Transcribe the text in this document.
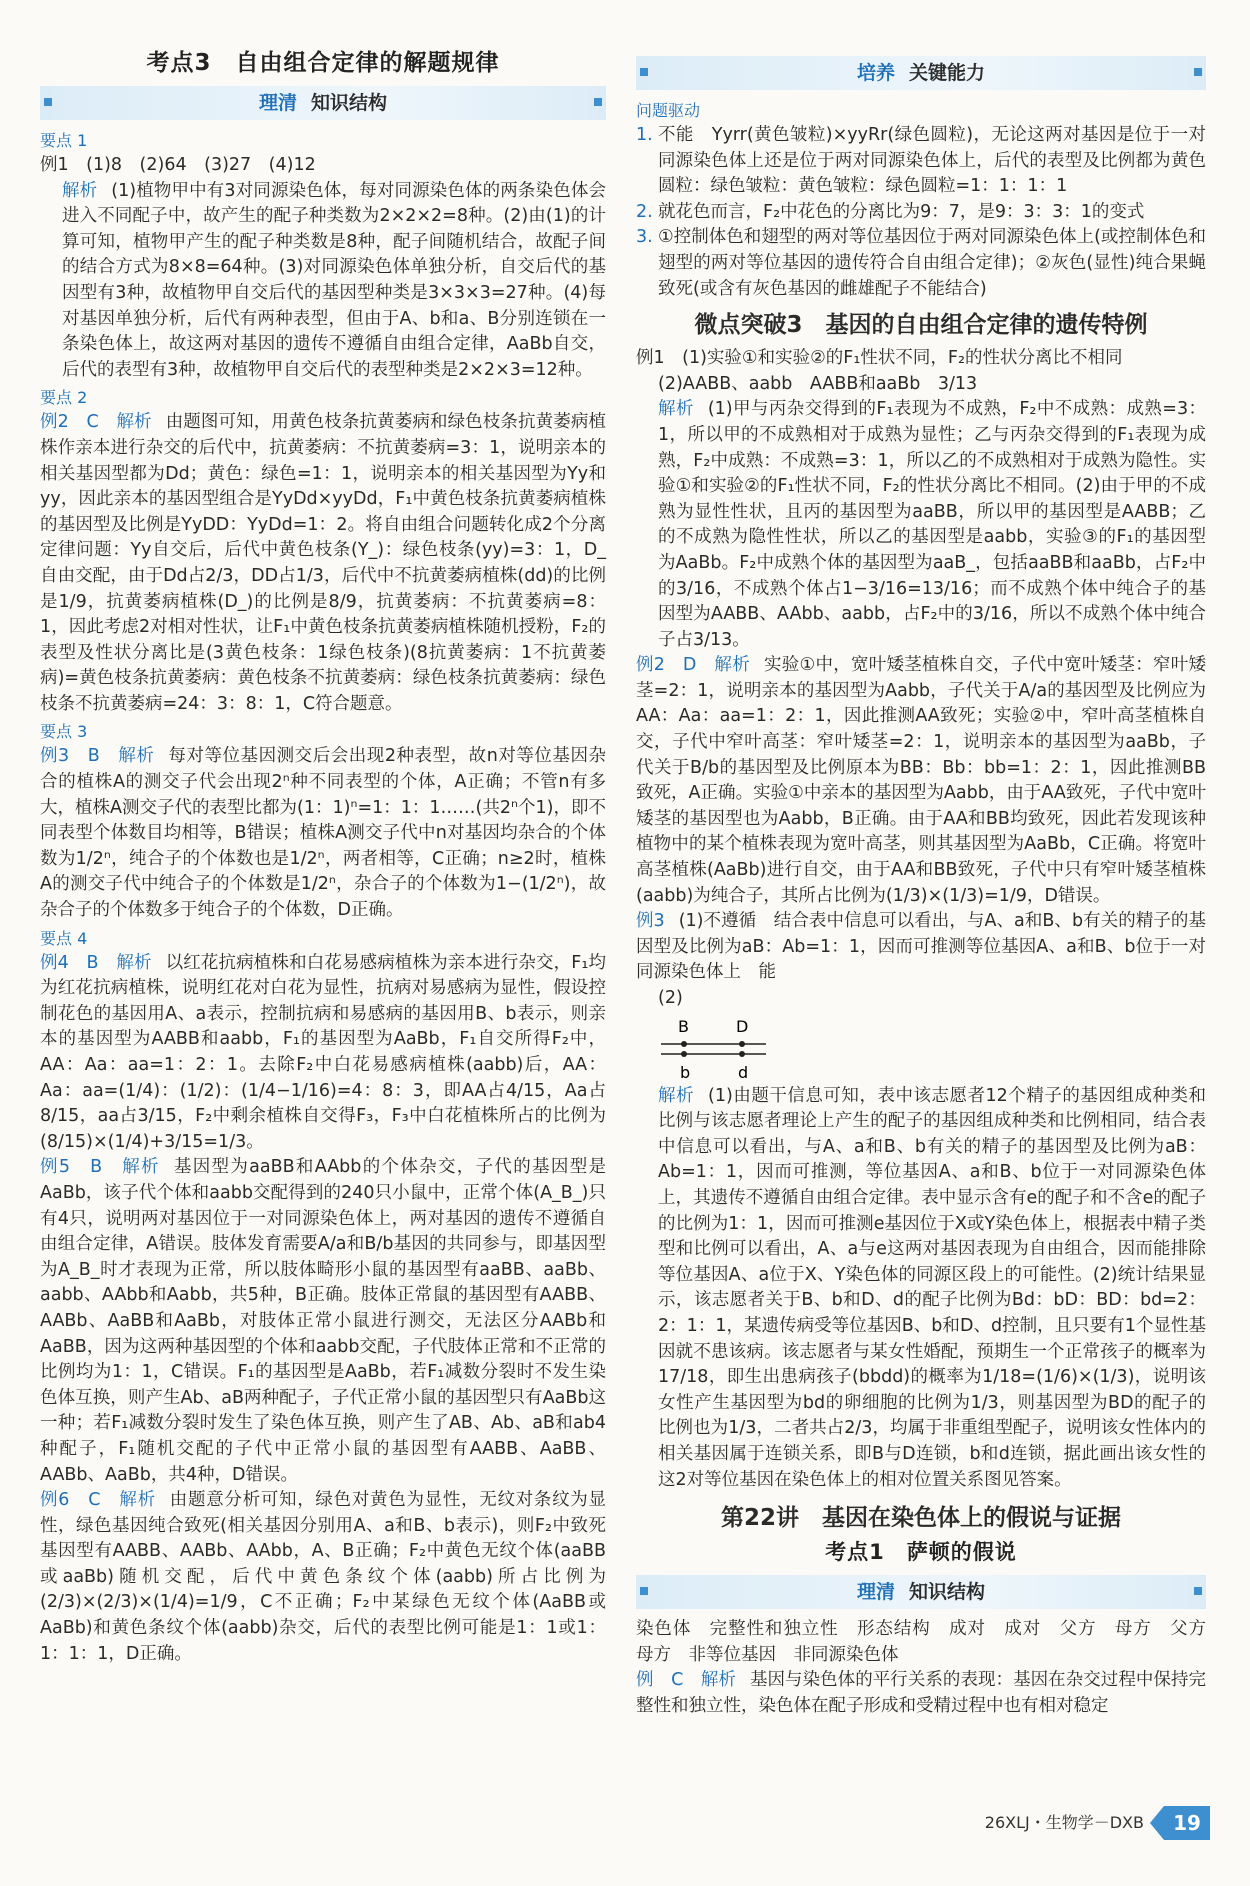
考点3　自由组合定律的解题规律
理清 知识结构
要点 1

例1　(1)8　(2)64　(3)27　(4)12

解析 (1)植物甲中有3对同源染色体，每对同源染色体的两条染色体会进入不同配子中，故产生的配子种类数为2×2×2=8种。(2)由(1)的计算可知，植物甲产生的配子种类数是8种，配子间随机结合，故配子间的结合方式为8×8=64种。(3)对同源染色体单独分析，自交后代的基因型有3种，故植物甲自交后代的基因型种类是3×3×3=27种。(4)每对基因单独分析，后代有两种表型，但由于A、b和a、B分别连锁在一条染色体上，故这两对基因的遗传不遵循自由组合定律，AaBb自交，后代的表型有3种，故植物甲自交后代的表型种类是2×2×3=12种。

要点 2

例2　C　解析 由题图可知，用黄色枝条抗黄萎病和绿色枝条抗黄萎病植株作亲本进行杂交的后代中，抗黄萎病：不抗黄萎病=3：1，说明亲本的相关基因型都为Dd；黄色：绿色=1：1，说明亲本的相关基因型为Yy和yy，因此亲本的基因型组合是YyDd×yyDd，F₁中黄色枝条抗黄萎病植株的基因型及比例是YyDD：YyDd=1：2。将自由组合问题转化成2个分离定律问题：Yy自交后，后代中黄色枝条(Y_)：绿色枝条(yy)=3：1，D_自由交配，由于Dd占2/3，DD占1/3，后代中不抗黄萎病植株(dd)的比例是1/9，抗黄萎病植株(D_)的比例是8/9，抗黄萎病：不抗黄萎病=8：1，因此考虑2对相对性状，让F₁中黄色枝条抗黄萎病植株随机授粉，F₂的表型及性状分离比是(3黄色枝条：1绿色枝条)(8抗黄萎病：1不抗黄萎病)=黄色枝条抗黄萎病：黄色枝条不抗黄萎病：绿色枝条抗黄萎病：绿色枝条不抗黄萎病=24：3：8：1，C符合题意。

要点 3

例3　B　解析 每对等位基因测交后会出现2种表型，故n对等位基因杂合的植株A的测交子代会出现2ⁿ种不同表型的个体，A正确；不管n有多大，植株A测交子代的表型比都为(1：1)ⁿ=1：1：1……(共2ⁿ个1)，即不同表型个体数目均相等，B错误；植株A测交子代中n对基因均杂合的个体数为1/2ⁿ，纯合子的个体数也是1/2ⁿ，两者相等，C正确；n≥2时，植株A的测交子代中纯合子的个体数是1/2ⁿ，杂合子的个体数为1−(1/2ⁿ)，故杂合子的个体数多于纯合子的个体数，D正确。

要点 4

例4　B　解析 以红花抗病植株和白花易感病植株为亲本进行杂交，F₁均为红花抗病植株，说明红花对白花为显性，抗病对易感病为显性，假设控制花色的基因用A、a表示，控制抗病和易感病的基因用B、b表示，则亲本的基因型为AABB和aabb，F₁的基因型为AaBb，F₁自交所得F₂中，AA：Aa：aa=1：2：1。去除F₂中白花易感病植株(aabb)后，AA：Aa：aa=(1/4)：(1/2)：(1/4−1/16)=4：8：3，即AA占4/15，Aa占8/15，aa占3/15，F₂中剩余植株自交得F₃，F₃中白花植株所占的比例为(8/15)×(1/4)+3/15=1/3。

例5　B　解析 基因型为aaBB和AAbb的个体杂交，子代的基因型是AaBb，该子代个体和aabb交配得到的240只小鼠中，正常个体(A_B_)只有4只，说明两对基因位于一对同源染色体上，两对基因的遗传不遵循自由组合定律，A错误。肢体发育需要A/a和B/b基因的共同参与，即基因型为A_B_时才表现为正常，所以肢体畸形小鼠的基因型有aaBB、aaBb、aabb、AAbb和Aabb，共5种，B正确。肢体正常鼠的基因型有AABB、AABb、AaBB和AaBb，对肢体正常小鼠进行测交，无法区分AABb和AaBB，因为这两种基因型的个体和aabb交配，子代肢体正常和不正常的比例均为1：1，C错误。F₁的基因型是AaBb，若F₁减数分裂时不发生染色体互换，则产生Ab、aB两种配子，子代正常小鼠的基因型只有AaBb这一种；若F₁减数分裂时发生了染色体互换，则产生了AB、Ab、aB和ab4种配子，F₁随机交配的子代中正常小鼠的基因型有AABB、AaBB、AABb、AaBb，共4种，D错误。

例6　C　解析 由题意分析可知，绿色对黄色为显性，无纹对条纹为显性，绿色基因纯合致死(相关基因分别用A、a和B、b表示)，则F₂中致死基因型有AABB、AABb、AAbb，A、B正确；F₂中黄色无纹个体(aaBB或aaBb)随机交配，后代中黄色条纹个体(aabb)所占比例为(2/3)×(2/3)×(1/4)=1/9，C不正确；F₂中某绿色无纹个体(AaBB或AaBb)和黄色条纹个体(aabb)杂交，后代的表型比例可能是1：1或1：1：1：1，D正确。

培养 关键能力
问题驱动
1. 不能　Yyrr(黄色皱粒)×yyRr(绿色圆粒)，无论这两对基因是位于一对同源染色体上还是位于两对同源染色体上，后代的表型及比例都为黄色圆粒：绿色皱粒：黄色皱粒：绿色圆粒=1：1：1：1
2. 就花色而言，F₂中花色的分离比为9：7，是9：3：3：1的变式
3. ①控制体色和翅型的两对等位基因位于两对同源染色体上(或控制体色和翅型的两对等位基因的遗传符合自由组合定律)；②灰色(显性)纯合果蝇致死(或含有灰色基因的雌雄配子不能结合)
微点突破3　基因的自由组合定律的遗传特例

例1　(1)实验①和实验②的F₁性状不同，F₂的性状分离比不相同

(2)AABB、aabb　AABB和aaBb　3/13

解析 (1)甲与丙杂交得到的F₁表现为不成熟，F₂中不成熟：成熟=3：1，所以甲的不成熟相对于成熟为显性；乙与丙杂交得到的F₁表现为成熟，F₂中成熟：不成熟=3：1，所以乙的不成熟相对于成熟为隐性。实验①和实验②的F₁性状不同，F₂的性状分离比不相同。(2)由于甲的不成熟为显性性状，且丙的基因型为aaBB，所以甲的基因型是AABB；乙的不成熟为隐性性状，所以乙的基因型是aabb，实验③的F₁的基因型为AaBb。F₂中成熟个体的基因型为aaB_，包括aaBB和aaBb，占F₂中的3/16，不成熟个体占1−3/16=13/16；而不成熟个体中纯合子的基因型为AABB、AAbb、aabb，占F₂中的3/16，所以不成熟个体中纯合子占3/13。

例2　D　解析 实验①中，宽叶矮茎植株自交，子代中宽叶矮茎：窄叶矮茎=2：1，说明亲本的基因型为Aabb，子代关于A/a的基因型及比例应为AA：Aa：aa=1：2：1，因此推测AA致死；实验②中，窄叶高茎植株自交，子代中窄叶高茎：窄叶矮茎=2：1，说明亲本的基因型为aaBb，子代关于B/b的基因型及比例原本为BB：Bb：bb=1：2：1，因此推测BB致死，A正确。实验①中亲本的基因型为Aabb，由于AA致死，子代中宽叶矮茎的基因型也为Aabb，B正确。由于AA和BB均致死，因此若发现该种植物中的某个植株表现为宽叶高茎，则其基因型为AaBb，C正确。将宽叶高茎植株(AaBb)进行自交，由于AA和BB致死，子代中只有窄叶矮茎植株(aabb)为纯合子，其所占比例为(1/3)×(1/3)=1/9，D错误。

例3 (1)不遵循　结合表中信息可以看出，与A、a和B、b有关的精子的基因型及比例为aB：Ab=1：1，因而可推测等位基因A、a和B、b位于一对同源染色体上　能

(2)

B	D
b	d

解析 (1)由题干信息可知，表中该志愿者12个精子的基因组成种类和比例与该志愿者理论上产生的配子的基因组成种类和比例相同，结合表中信息可以看出，与A、a和B、b有关的精子的基因型及比例为aB：Ab=1：1，因而可推测，等位基因A、a和B、b位于一对同源染色体上，其遗传不遵循自由组合定律。表中显示含有e的配子和不含e的配子的比例为1：1，因而可推测e基因位于X或Y染色体上，根据表中精子类型和比例可以看出，A、a与e这两对基因表现为自由组合，因而能排除等位基因A、a位于X、Y染色体的同源区段上的可能性。(2)统计结果显示，该志愿者关于B、b和D、d的配子比例为Bd：bD：BD：bd=2：2：1：1，某遗传病受等位基因B、b和D、d控制，且只要有1个显性基因就不患该病。该志愿者与某女性婚配，预期生一个正常孩子的概率为17/18，即生出患病孩子(bbdd)的概率为1/18=(1/6)×(1/3)，说明该女性产生基因型为bd的卵细胞的比例为1/3，则基因型为BD的配子的比例也为1/3，二者共占2/3，均属于非重组型配子，说明该女性体内的相关基因属于连锁关系，即B与D连锁，b和d连锁，据此画出该女性的这2对等位基因在染色体上的相对位置关系图见答案。

第22讲　基因在染色体上的假说与证据
考点1　萨顿的假说
理清 知识结构

染色体　完整性和独立性　形态结构　成对　成对　父方　母方　父方　母方　非等位基因　非同源染色体

例　C　解析 基因与染色体的平行关系的表现：基因在杂交过程中保持完整性和独立性，染色体在配子形成和受精过程中也有相对稳定

26XLJ・生物学－DXB	19
